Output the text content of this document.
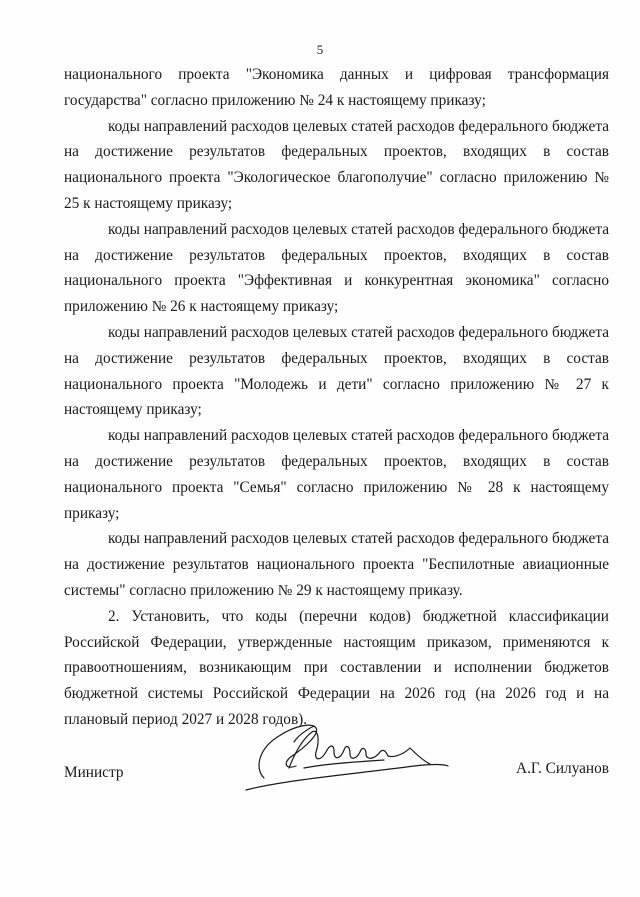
5

национального проекта "Экономика данных и цифровая трансформация государства" согласно приложению № 24 к настоящему приказу;

коды направлений расходов целевых статей расходов федерального бюджета на достижение результатов федеральных проектов, входящих в состав национального проекта "Экологическое благополучие" согласно приложению № 25 к настоящему приказу;

коды направлений расходов целевых статей расходов федерального бюджета на достижение результатов федеральных проектов, входящих в состав национального проекта "Эффективная и конкурентная экономика" согласно приложению № 26 к настоящему приказу;

коды направлений расходов целевых статей расходов федерального бюджета на достижение результатов федеральных проектов, входящих в состав национального проекта "Молодежь и дети" согласно приложению № 27 к настоящему приказу;

коды направлений расходов целевых статей расходов федерального бюджета на достижение результатов федеральных проектов, входящих в состав национального проекта "Семья" согласно приложению № 28 к настоящему приказу;

коды направлений расходов целевых статей расходов федерального бюджета на достижение результатов национального проекта "Беспилотные авиационные системы" согласно приложению № 29 к настоящему приказу.

2. Установить, что коды (перечни кодов) бюджетной классификации Российской Федерации, утвержденные настоящим приказом, применяются к правоотношениям, возникающим при составлении и исполнении бюджетов бюджетной системы Российской Федерации на 2026 год (на 2026 год и на плановый период 2027 и 2028 годов).

Министр	А.Г. Силуанов
